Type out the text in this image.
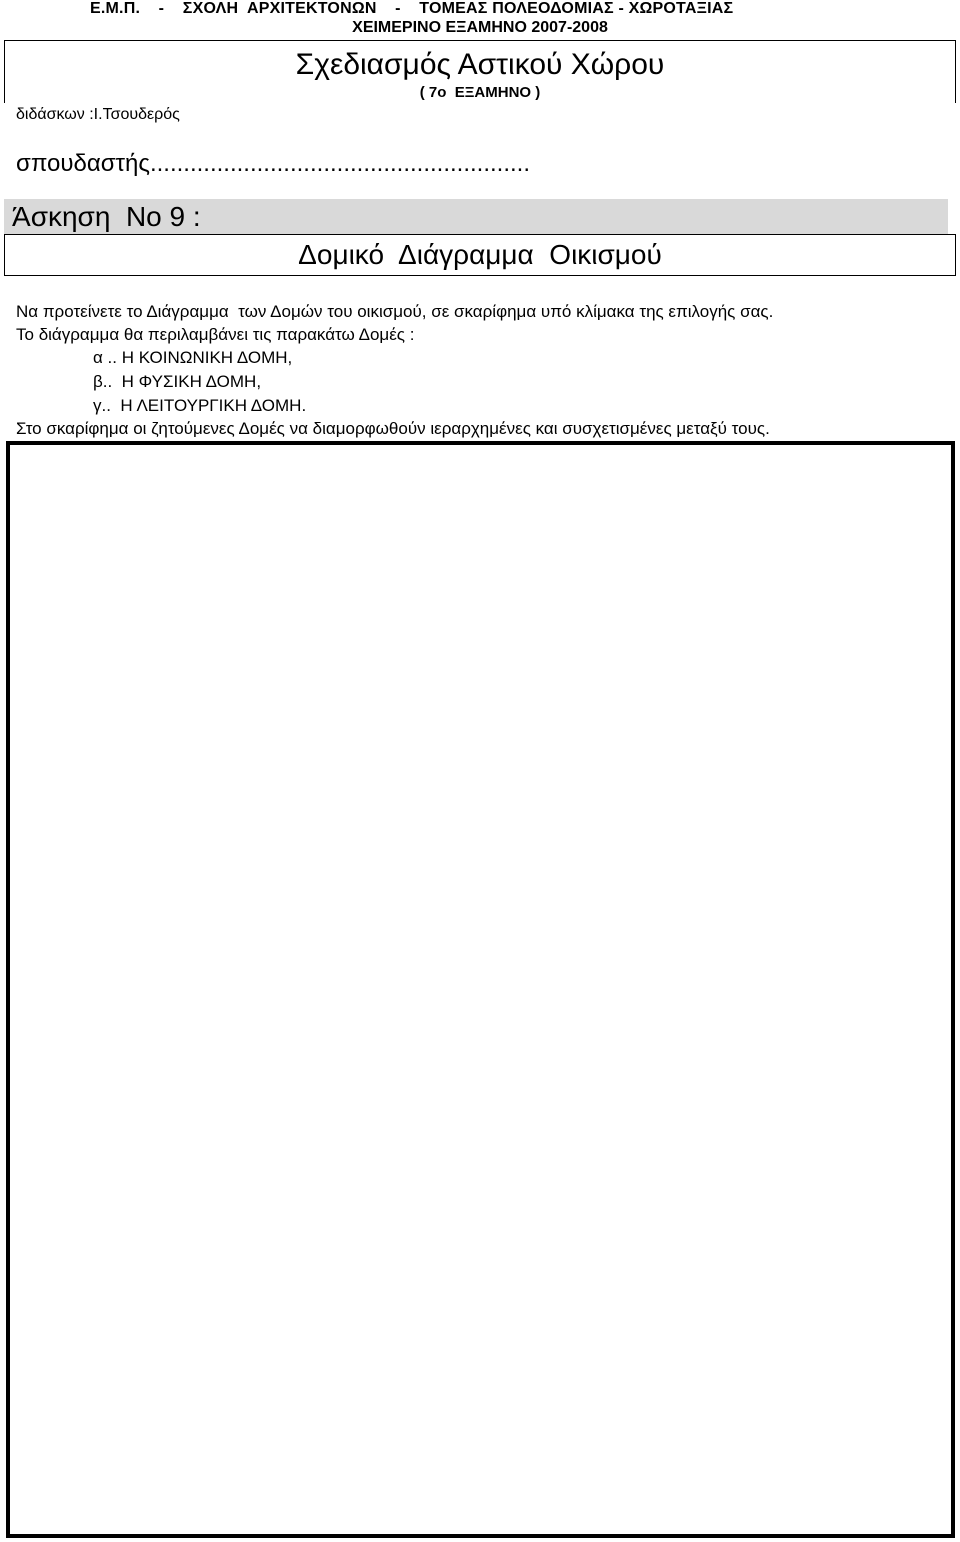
Ε.Μ.Π.    -    ΣΧΟΛΗ  ΑΡΧΙΤΕΚΤΟΝΩΝ    -    ΤΟΜΕΑΣ ΠΟΛΕΟΔΟΜΙΑΣ - ΧΩΡΟΤΑΞΙΑΣ
ΧΕΙΜΕΡΙΝΟ ΕΞΑΜΗΝΟ 2007-2008
Σχεδιασμός Αστικού Χώρου
( 7ο  ΕΞΑΜΗΝΟ )
διδάσκων :Ι.Τσουδερός
σπουδαστής.........................................................
Άσκηση  Νο 9 :
Δομικό  Διάγραμμα  Οικισμού
Να προτείνετε το Διάγραμμα  των Δομών του οικισμού, σε σκαρίφημα υπό κλίμακα της επιλογής σας.
Το διάγραμμα θα περιλαμβάνει τις παρακάτω Δομές :
α .. Η ΚΟΙΝΩΝΙΚΗ ΔΟΜΗ,
β..  Η ΦΥΣΙΚΗ ΔΟΜΗ,
γ..  Η ΛΕΙΤΟΥΡΓΙΚΗ ΔΟΜΗ.
Στο σκαρίφημα οι ζητούμενες Δομές να διαμορφωθούν ιεραρχημένες και συσχετισμένες μεταξύ τους.
